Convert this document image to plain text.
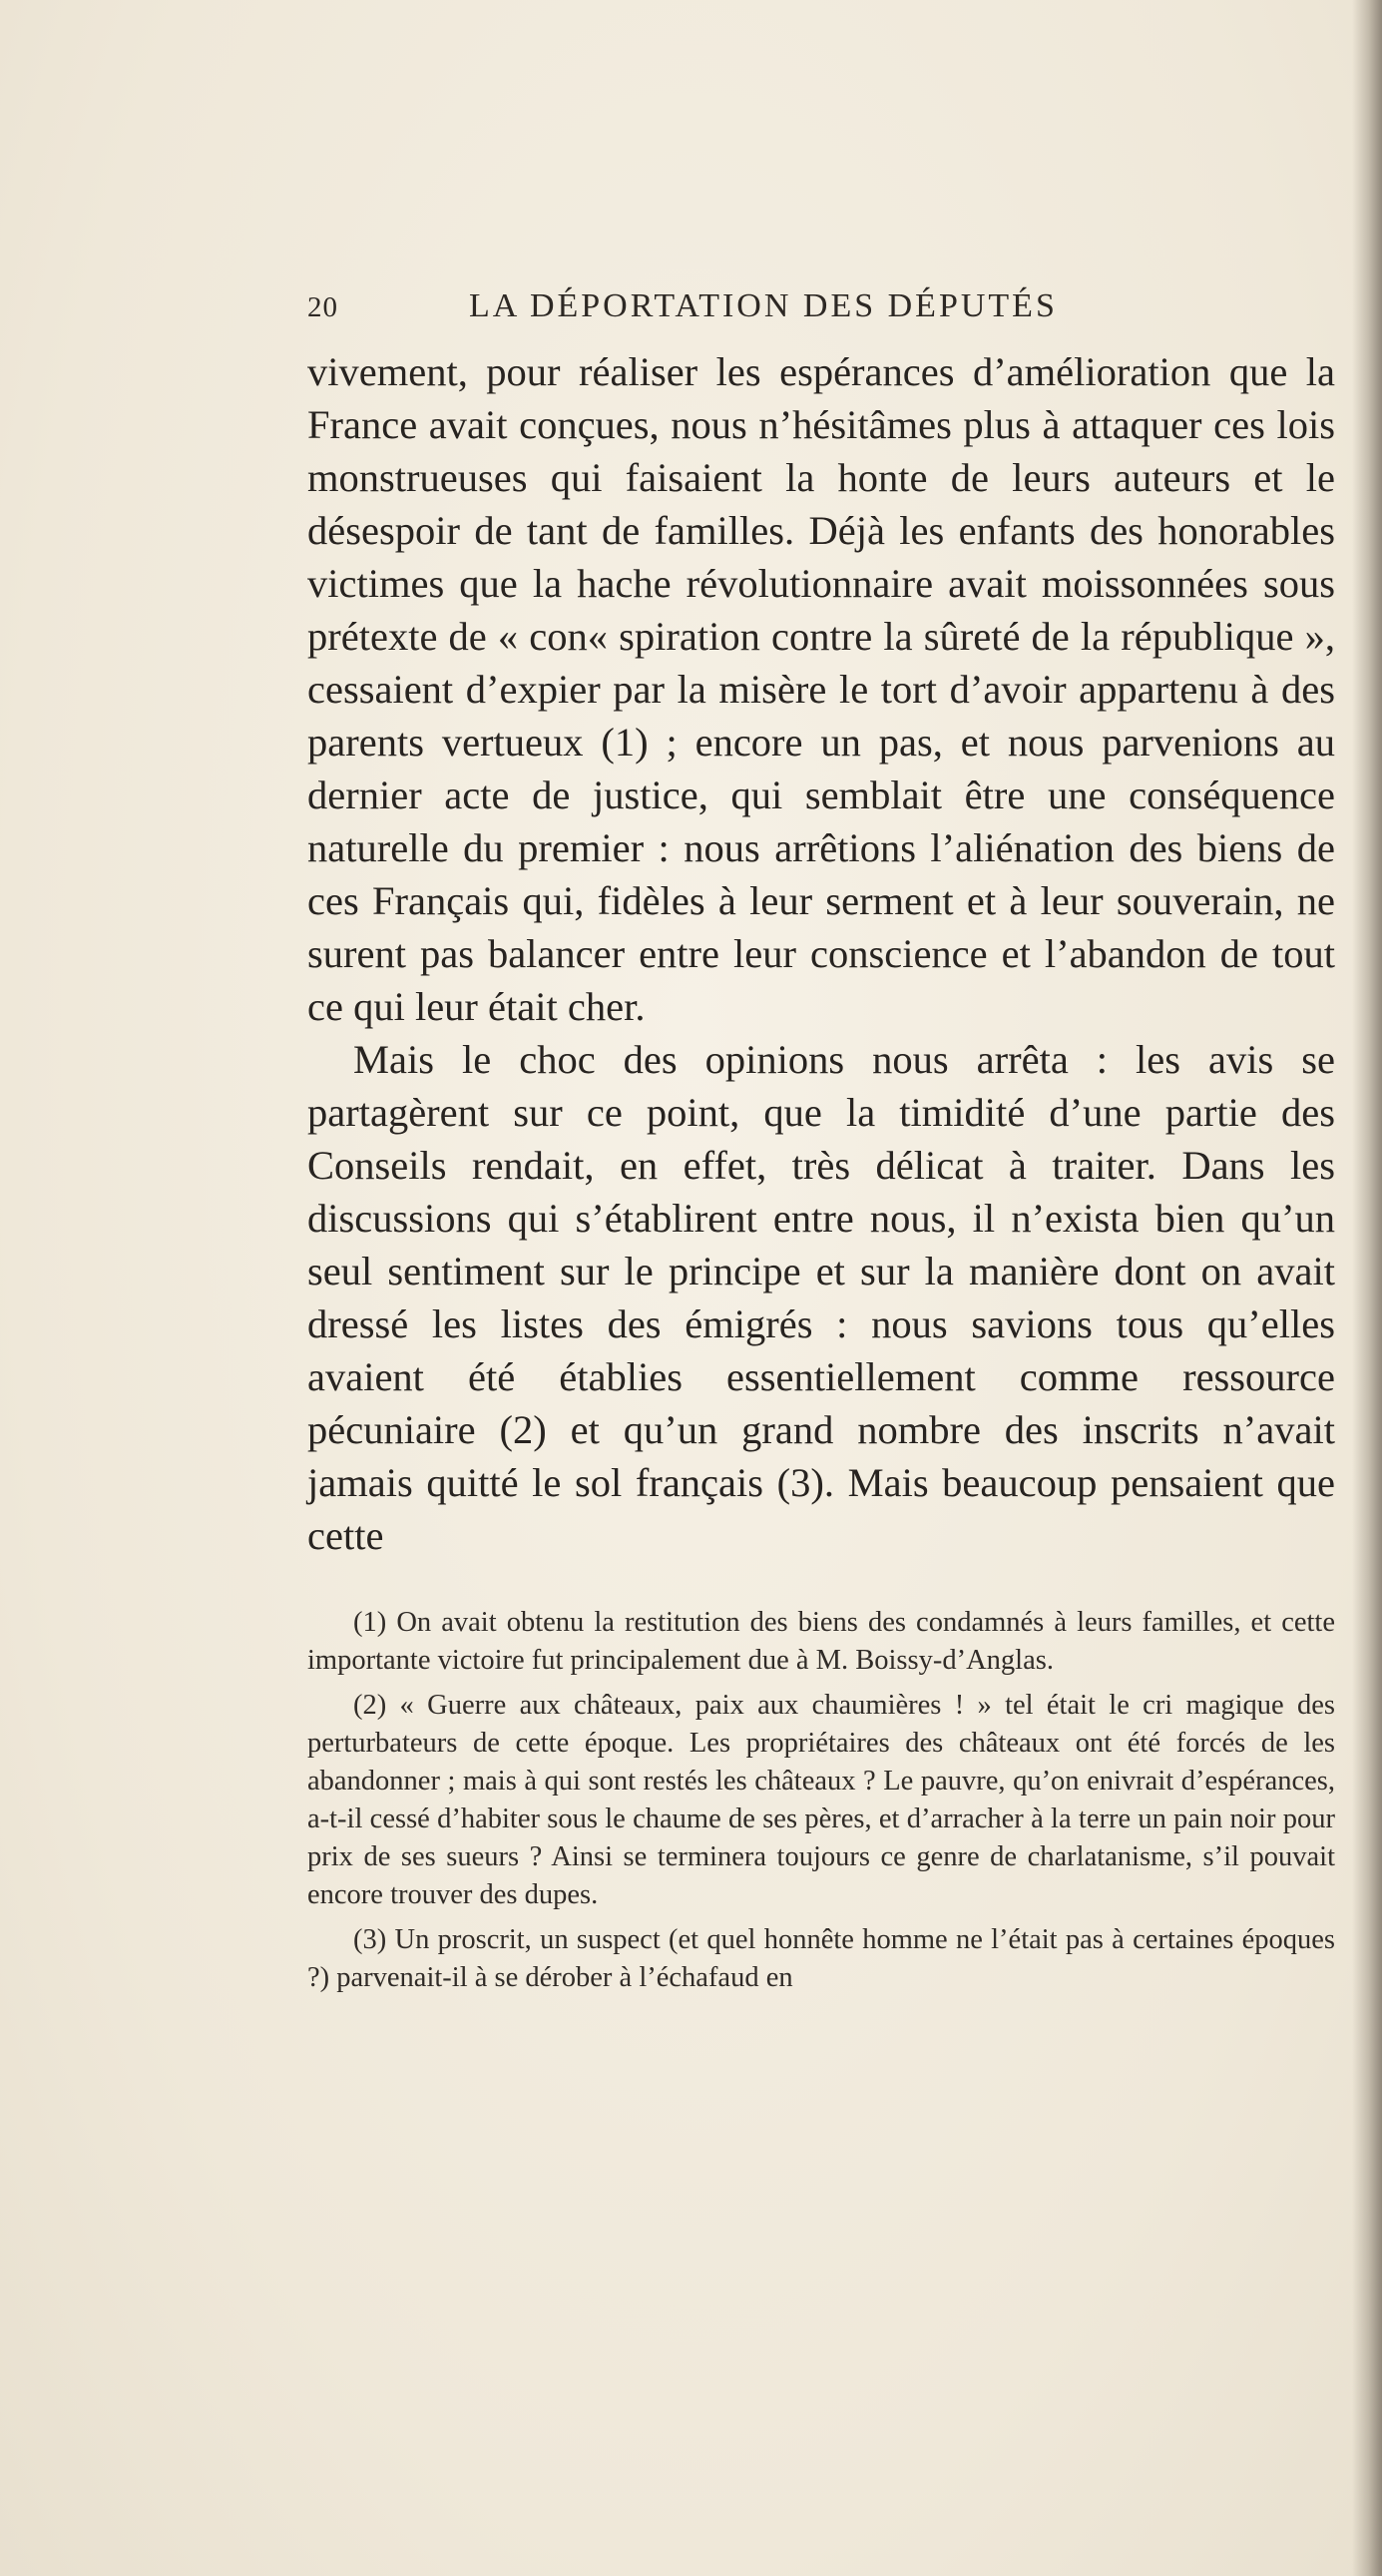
20	LA DÉPORTATION DES DÉPUTÉS

vivement, pour réaliser les espérances d’amélioration que la France avait conçues, nous n’hésitâmes plus à attaquer ces lois monstrueuses qui faisaient la honte de leurs auteurs et le désespoir de tant de familles. Déjà les enfants des honorables victimes que la hache révolutionnaire avait moissonnées sous prétexte de « con« spiration contre la sûreté de la république », cessaient d’expier par la misère le tort d’avoir appartenu à des parents vertueux (1) ; encore un pas, et nous parvenions au dernier acte de justice, qui semblait être une conséquence naturelle du premier : nous arrêtions l’aliénation des biens de ces Français qui, fidèles à leur serment et à leur souverain, ne surent pas balancer entre leur conscience et l’abandon de tout ce qui leur était cher.

Mais le choc des opinions nous arrêta : les avis se partagèrent sur ce point, que la timidité d’une partie des Conseils rendait, en effet, très délicat à traiter. Dans les discussions qui s’établirent entre nous, il n’exista bien qu’un seul sentiment sur le principe et sur la manière dont on avait dressé les listes des émigrés : nous savions tous qu’elles avaient été établies essentiellement comme ressource pécuniaire (2) et qu’un grand nombre des inscrits n’avait jamais quitté le sol français (3). Mais beaucoup pensaient que cette

(1) On avait obtenu la restitution des biens des condamnés à leurs familles, et cette importante victoire fut principalement due à M. Boissy-d’Anglas.

(2) « Guerre aux châteaux, paix aux chaumières ! » tel était le cri magique des perturbateurs de cette époque. Les propriétaires des châteaux ont été forcés de les abandonner ; mais à qui sont restés les châteaux ? Le pauvre, qu’on enivrait d’espérances, a-t-il cessé d’habiter sous le chaume de ses pères, et d’arracher à la terre un pain noir pour prix de ses sueurs ? Ainsi se terminera toujours ce genre de charlatanisme, s’il pouvait encore trouver des dupes.

(3) Un proscrit, un suspect (et quel honnête homme ne l’était pas à certaines époques ?) parvenait-il à se dérober à l’échafaud en
